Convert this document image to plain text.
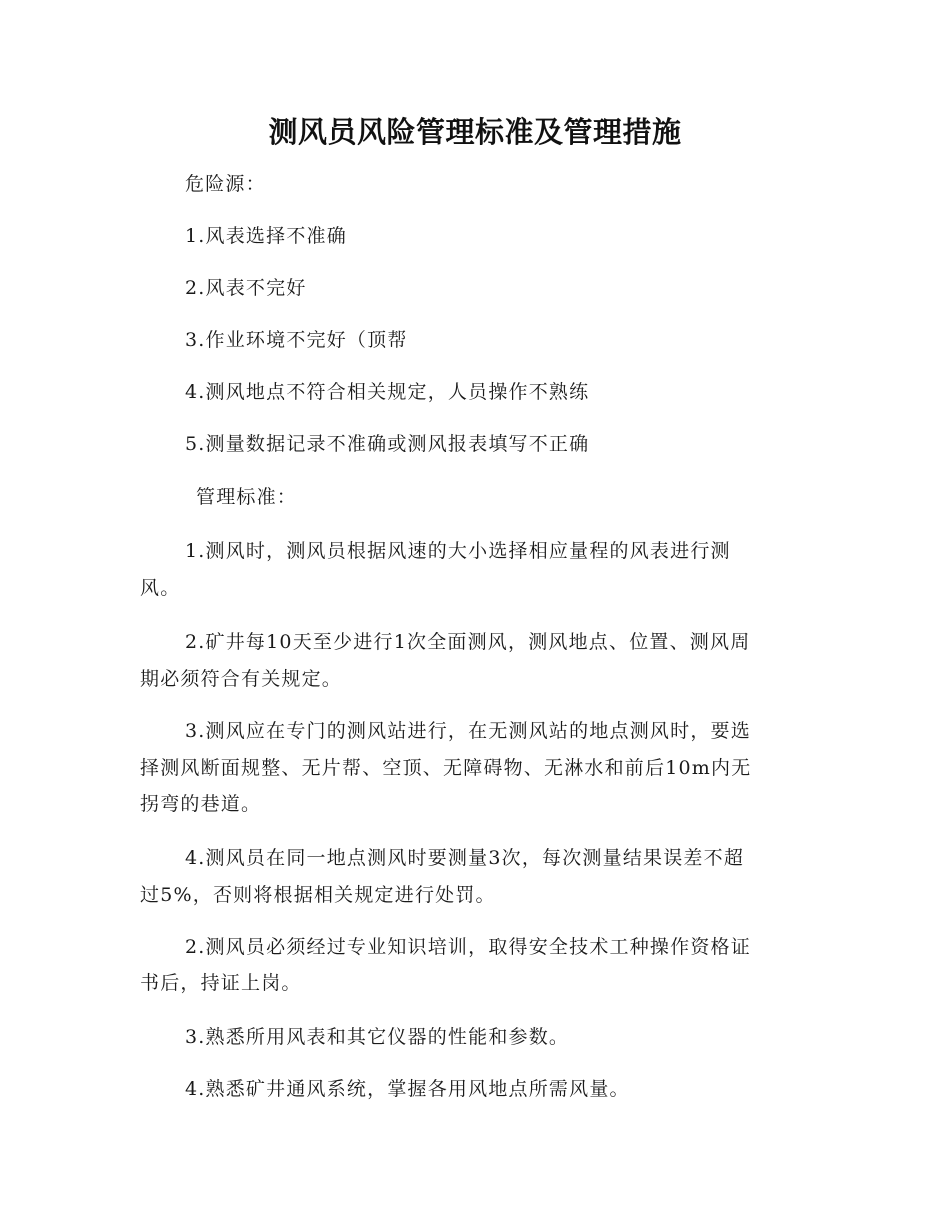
测风员风险管理标准及管理措施
危险源：
1.风表选择不准确
2.风表不完好
3.作业环境不完好（顶帮
4.测风地点不符合相关规定，人员操作不熟练
5.测量数据记录不准确或测风报表填写不正确
管理标准：
1.测风时，测风员根据风速的大小选择相应量程的风表进行测
风。
2.矿井每10天至少进行1次全面测风，测风地点、位置、测风周
期必须符合有关规定。
3.测风应在专门的测风站进行，在无测风站的地点测风时，要选
择测风断面规整、无片帮、空顶、无障碍物、无淋水和前后10m内无
拐弯的巷道。
4.测风员在同一地点测风时要测量3次，每次测量结果误差不超
过5%，否则将根据相关规定进行处罚。
2.测风员必须经过专业知识培训，取得安全技术工种操作资格证
书后，持证上岗。
3.熟悉所用风表和其它仪器的性能和参数。
4.熟悉矿井通风系统，掌握各用风地点所需风量。
